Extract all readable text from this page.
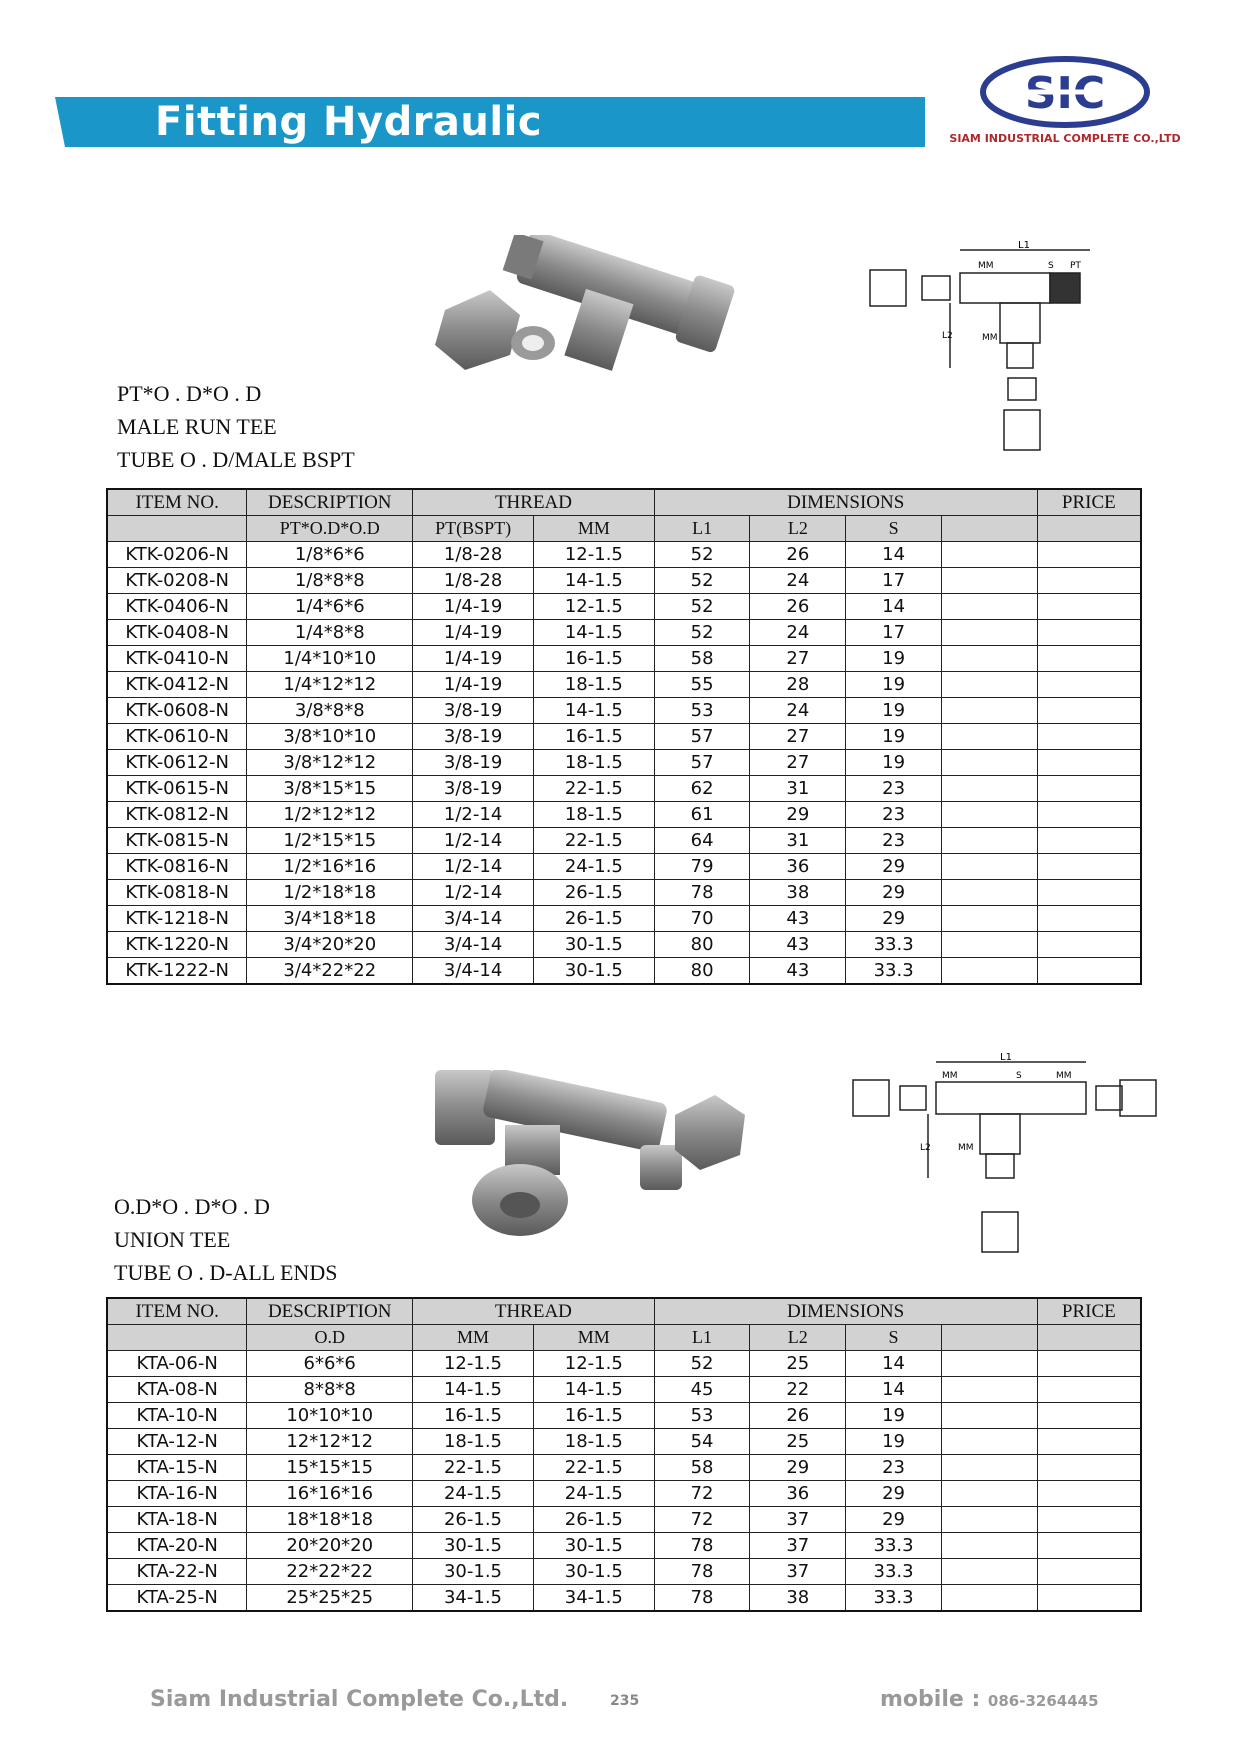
Fitting Hydraulic
SIC
SIAM INDUSTRIAL COMPLETE CO.,LTD
L1
MM	S PT
L2	MM
PT*O . D*O . D
MALE RUN TEE
TUBE O . D/MALE BSPT
ITEM NO.	DESCRIPTION	THREAD		DIMENSIONS				PRICE
	PT*O.D*O.D	PT(BSPT)	MM	L1	L2	S		
KTK-0206-N	1/8*6*6	1/8-28	12-1.5	52	26	14		
KTK-0208-N	1/8*8*8	1/8-28	14-1.5	52	24	17		
KTK-0406-N	1/4*6*6	1/4-19	12-1.5	52	26	14		
KTK-0408-N	1/4*8*8	1/4-19	14-1.5	52	24	17		
KTK-0410-N	1/4*10*10	1/4-19	16-1.5	58	27	19		
KTK-0412-N	1/4*12*12	1/4-19	18-1.5	55	28	19		
KTK-0608-N	3/8*8*8	3/8-19	14-1.5	53	24	19		
KTK-0610-N	3/8*10*10	3/8-19	16-1.5	57	27	19		
KTK-0612-N	3/8*12*12	3/8-19	18-1.5	57	27	19		
KTK-0615-N	3/8*15*15	3/8-19	22-1.5	62	31	23		
KTK-0812-N	1/2*12*12	1/2-14	18-1.5	61	29	23		
KTK-0815-N	1/2*15*15	1/2-14	22-1.5	64	31	23		
KTK-0816-N	1/2*16*16	1/2-14	24-1.5	79	36	29		
KTK-0818-N	1/2*18*18	1/2-14	26-1.5	78	38	29		
KTK-1218-N	3/4*18*18	3/4-14	26-1.5	70	43	29		
KTK-1220-N	3/4*20*20	3/4-14	30-1.5	80	43	33.3		
KTK-1222-N	3/4*22*22	3/4-14	30-1.5	80	43	33.3		
L1
MM	S	MM
MM
L2
O.D*O . D*O . D
UNION TEE
TUBE O . D-ALL ENDS
ITEM NO.	DESCRIPTION	THREAD		DIMENSIONS				PRICE
	O.D	MM	MM	L1	L2	S		
KTA-06-N	6*6*6	12-1.5	12-1.5	52	25	14		
KTA-08-N	8*8*8	14-1.5	14-1.5	45	22	14		
KTA-10-N	10*10*10	16-1.5	16-1.5	53	26	19		
KTA-12-N	12*12*12	18-1.5	18-1.5	54	25	19		
KTA-15-N	15*15*15	22-1.5	22-1.5	58	29	23		
KTA-16-N	16*16*16	24-1.5	24-1.5	72	36	29		
KTA-18-N	18*18*18	26-1.5	26-1.5	72	37	29		
KTA-20-N	20*20*20	30-1.5	30-1.5	78	37	33.3		
KTA-22-N	22*22*22	30-1.5	30-1.5	78	37	33.3		
KTA-25-N	25*25*25	34-1.5	34-1.5	78	38	33.3		
Siam Industrial Complete Co.,Ltd.	235	mobile : 086-3264445
